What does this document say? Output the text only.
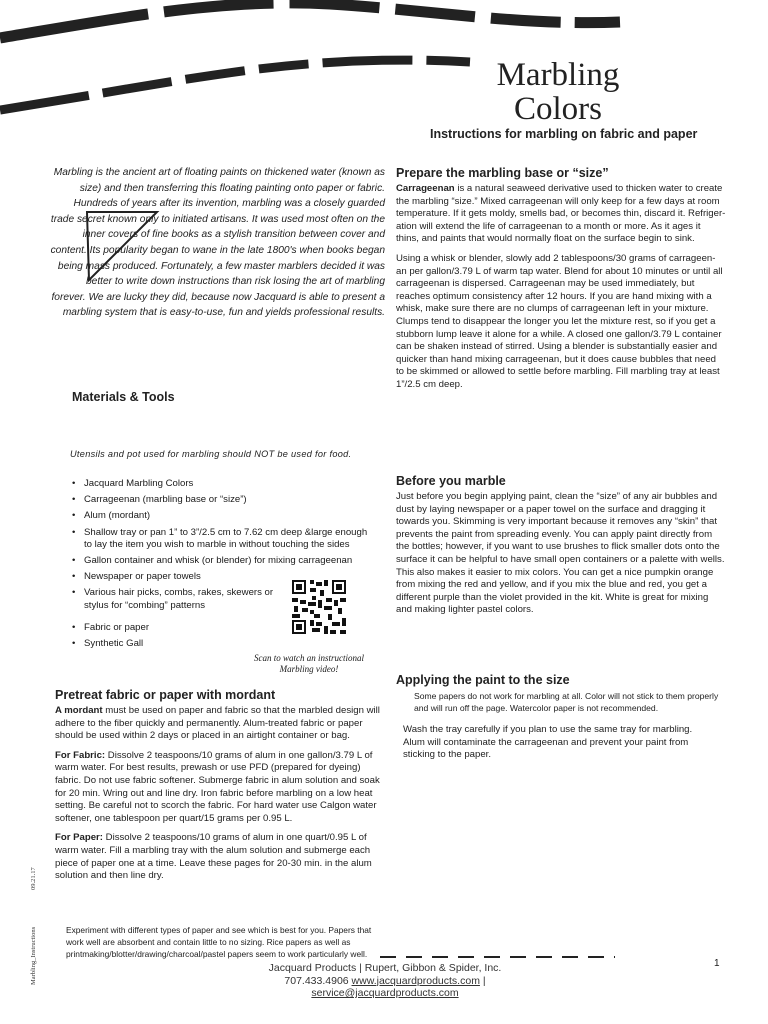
Marbling
Colors
Instructions for marbling on fabric and paper
Marbling is the ancient art of floating paints on thickened water (known as size) and then transferring this floating painting onto paper or fabric. Hundreds of years after its invention, marbling was a closely guarded trade secret known only to initiated artisans. It was used most often on the inner covers of fine books as a stylish transition between cover and content. Its popularity began to wane in the late 1800's when books began being mass produced. Fortunately, a few master marblers decided it was better to write down instructions than risk losing the art of marbling forever. We are lucky they did, because now Jacquard is able to present a marbling system that is easy-to-use, fun and yields professional results.
Materials & Tools
Utensils and pot used for marbling should NOT be used for food.
• Jacquard Marbling Colors
• Carrageenan (marbling base or “size”)
• Alum (mordant)
• Shallow tray or pan 1” to 3”/2.5 cm to 7.62 cm deep &large enough to lay the item you wish to marble in without touching the sides
• Gallon container and whisk (or blender) for mixing carrageenan
• Newspaper or paper towels
• Various hair picks, combs, rakes, skewers or stylus for “combing” patterns
• Fabric or paper
• Synthetic Gall
Scan to watch an instructional Marbling video!
Pretreat fabric or paper with mordant

A mordant must be used on paper and fabric so that the marbled design will adhere to the fiber quickly and permanently. Alum-treated fabric or paper should be used within 2 days or placed in an airtight container or bag.

For Fabric: Dissolve 2 teaspoons/10 grams of alum in one gallon/3.79 L of warm water. For best results, prewash or use PFD (prepared for dyeing) fabric. Do not use fabric softener. Submerge fabric in alum solution and soak for 20 min. Wring out and line dry. Iron fabric before marbling on a low heat setting. Be careful not to scorch the fabric. For hard water use Calgon water softener, one tablespoon per quart/15 grams per 0.95 L.

For Paper: Dissolve 2 teaspoons/10 grams of alum in one quart/0.95 L of warm water. Fill a marbling tray with the alum solution and submerge each piece of paper one at a time. Leave these pages for 20-30 min. in the alum solution and then line dry.

Experiment with different types of paper and see which is best for you. Papers that work well are absorbent and contain little to no sizing. Rice papers as well as printmaking/blotter/drawing/charcoal/pastel papers seem to work particularly well.
Prepare the marbling base or “size”

Carrageenan is a natural seaweed derivative used to thicken water to create the marbling “size.” Mixed carrageenan will only keep for a few days at room temperature. If it gets moldy, smells bad, or becomes thin, discard it. Refriger- ation will extend the life of carrageenan to a month or more. As it ages it thins, and paints that would normally float on the surface begin to sink.

Using a whisk or blender, slowly add 2 tablespoons/30 grams of carrageen- an per gallon/3.79 L of warm tap water. Blend for about 10 minutes or until all carrageenan is dispersed. Carrageenan may be used immediately, but reaches optimum consistency after 12 hours. If you are hand mixing with a whisk, make sure there are no clumps of carrageenan left in your mixture. Clumps tend to disappear the longer you let the mixture rest, so if you get a

stubborn lump leave it alone for a while. A closed one gallon/3.79 L container can be shaken instead of stirred. Using a blender is substantially easier and quicker than hand mixing carrageenan, but it does cause bubbles that need to be skimmed or allowed to settle before marbling. Fill marbling tray at least

1”/2.5 cm deep.

Before you marble

Just before you begin applying paint, clean the “size” of any air bubbles and dust by laying newspaper or a paper towel on the surface and dragging it towards you. Skimming is very important because it removes any “skin” that prevents the paint from spreading evenly. You can apply paint directly from the bottles; however, if you want to use brushes to flick smaller dots onto the

surface it can be helpful to have small open containers or a palette with wells. This also makes it easier to mix colors. You can get a nice pumpkin orange from mixing the red and yellow, and if you mix the blue and red, you get a

different purple than the violet provided in the kit. White is great for mixing and making lighter pastel colors.

Applying the paint to the size
Some papers do not work for marbling at all. Color will not stick to them properly and will run off the page. Watercolor paper is not recommended.
Wash the tray carefully if you plan to use the same tray for marbling. Alum will contaminate the carrageenan and prevent your paint from sticking to the paper.
Jacquard Products | Rupert, Gibbon & Spider, Inc.
707.433.4906 www.jacquardproducts.com |
service@jacquardproducts.com
1
09.21.17
Marbling_Instructions
